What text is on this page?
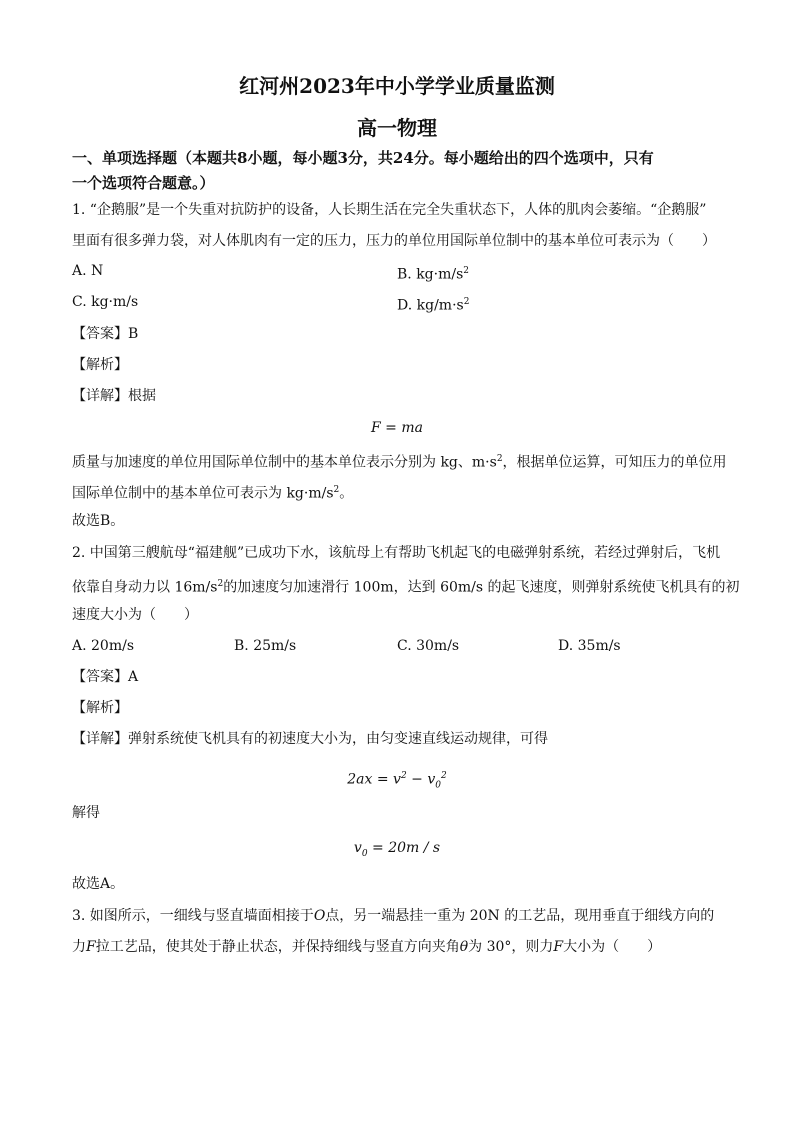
红河州2023年中小学学业质量监测
高一物理
一、单项选择题（本题共8小题，每小题3分，共24分。每小题给出的四个选项中，只有
一个选项符合题意。）
1. “企鹅服”是一个失重对抗防护的设备，人长期生活在完全失重状态下，人体的肌肉会萎缩。“企鹅服”
里面有很多弹力袋，对人体肌肉有一定的压力，压力的单位用国际单位制中的基本单位可表示为（　　）
A. N	B. $kg\cdot m/s^2$
C. kg·m/s	D. $kg/m\cdot s^2$
【答案】B
【解析】
【详解】根据
F = ma
质量与加速度的单位用国际单位制中的基本单位表示分别为 kg、$m\cdot s^2$，根据单位运算，可知压力的单位用
国际单位制中的基本单位可表示为 $kg\cdot m/s^2$。
故选B。
2. 中国第三艘航母“福建舰”已成功下水，该航母上有帮助飞机起飞的电磁弹射系统，若经过弹射后，飞机
依靠自身动力以 $16m/s^2$的加速度匀加速滑行 100m，达到 60m/s 的起飞速度，则弹射系统使飞机具有的初
速度大小为（　　）
A. 20m/s	B. 25m/s	C. 30m/s	D. 35m/s
【答案】A
【解析】
【详解】弹射系统使飞机具有的初速度大小为，由匀变速直线运动规律，可得
$2ax = v^2 - v_0^2$
解得
$v_0 = 20m / s$
故选A。
3. 如图所示，一细线与竖直墙面相接于O点，另一端悬挂一重为 20N 的工艺品，现用垂直于细线方向的
力F拉工艺品，使其处于静止状态，并保持细线与竖直方向夹角θ为 30°，则力F大小为（　　）
